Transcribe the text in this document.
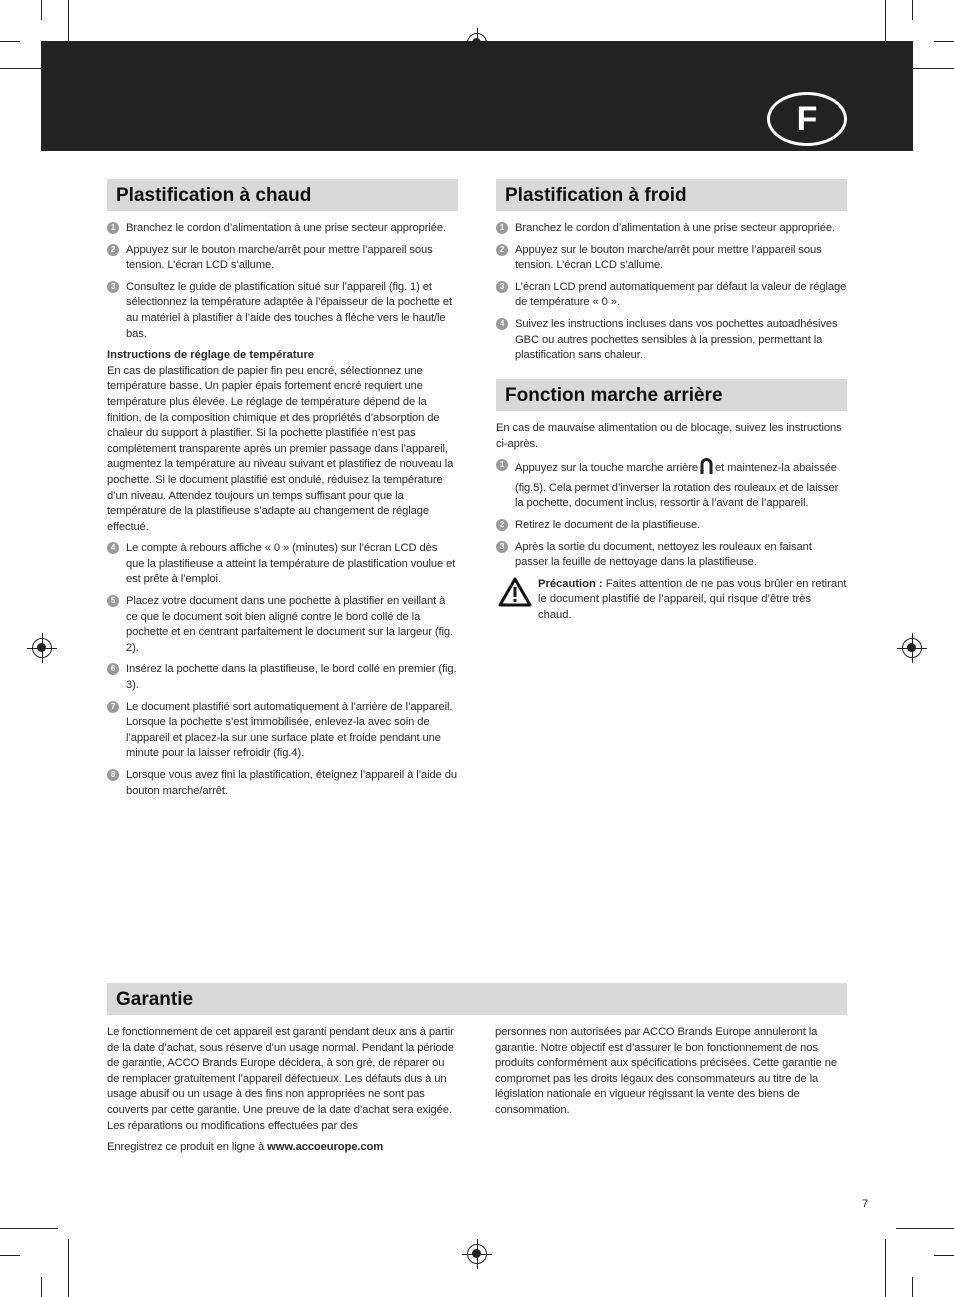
F
Plastification à chaud
1 Branchez le cordon d’alimentation à une prise secteur appropriée.
2 Appuyez sur le bouton marche/arrêt pour mettre l’appareil sous tension. L’écran LCD s’allume.
3 Consultez le guide de plastification situé sur l’appareil (fig. 1) et sélectionnez la température adaptée à l’épaisseur de la pochette et au matériel à plastifier à l’aide des touches à flèche vers le haut/le bas.
Instructions de réglage de température

En cas de plastification de papier fin peu encré, sélectionnez une température basse. Un papier épais fortement encré requiert une température plus élevée. Le réglage de température dépend de la finition, de la composition chimique et des propriétés d’absorption de chaleur du support à plastifier. Si la pochette plastifiée n’est pas complètement transparente après un premier passage dans l’appareil, augmentez la température au niveau suivant et plastifiez de nouveau la pochette. Si le document plastifié est ondulé, réduisez la température d’un niveau. Attendez toujours un temps suffisant pour que la température de la plastifieuse s’adapte au changement de réglage effectué.

4 Le compte à rebours affiche « 0 » (minutes) sur l’écran LCD dès que la plastifieuse a atteint la température de plastification voulue et est prête à l’emploi.
5 Placez votre document dans une pochette à plastifier en veillant à ce que le document soit bien aligné contre le bord collé de la pochette et en centrant parfaitement le document sur la largeur (fig. 2).
6 Insérez la pochette dans la plastifieuse, le bord collé en premier (fig. 3).
7 Le document plastifié sort automatiquement à l’arrière de l’appareil. Lorsque la pochette s’est immobilisée, enlevez-la avec soin de l’appareil et placez-la sur une surface plate et froide pendant une minute pour la laisser refroidir (fig.4).
8 Lorsque vous avez fini la plastification, éteignez l’appareil à l’aide du bouton marche/arrêt.
Plastification à froid
1 Branchez le cordon d’alimentation à une prise secteur appropriée.
2 Appuyez sur le bouton marche/arrêt pour mettre l’appareil sous tension. L’écran LCD s’allume.
3 L’écran LCD prend automatiquement par défaut la valeur de réglage de température « 0 ».
4 Suivez les instructions incluses dans vos pochettes autoadhésives GBC ou autres pochettes sensibles à la pression, permettant la plastification sans chaleur.
Fonction marche arrière

En cas de mauvaise alimentation ou de blocage, suivez les instructions ci-après.

1 Appuyez sur la touche marche arrière et maintenez-la abaissée (fig.5). Cela permet d’inverser la rotation des rouleaux et de laisser la pochette, document inclus, ressortir à l’avant de l’appareil.
2 Retirez le document de la plastifieuse.
3 Après la sortie du document, nettoyez les rouleaux en faisant passer la feuille de nettoyage dans la plastifieuse.
Précaution : Faites attention de ne pas vous brûler en retirant le document plastifié de l’appareil, qui risque d’être très chaud.
Garantie

Le fonctionnement de cet appareil est garanti pendant deux ans à partir de la date d’achat, sous réserve d’un usage normal. Pendant la période de garantie, ACCO Brands Europe décidera, à son gré, de réparer ou de remplacer gratuitement l’appareil défectueux. Les défauts dus à un usage abusif ou un usage à des fins non appropriées ne sont pas couverts par cette garantie. Une preuve de la date d’achat sera exigée. Les réparations ou modifications effectuées par des

Enregistrez ce produit en ligne à www.accoeurope.com

personnes non autorisées par ACCO Brands Europe annuleront la garantie. Notre objectif est d’assurer le bon fonctionnement de nos produits conformément aux spécifications précisées. Cette garantie ne compromet pas les droits légaux des consommateurs au titre de la législation nationale en vigueur régissant la vente des biens de consommation.

7
